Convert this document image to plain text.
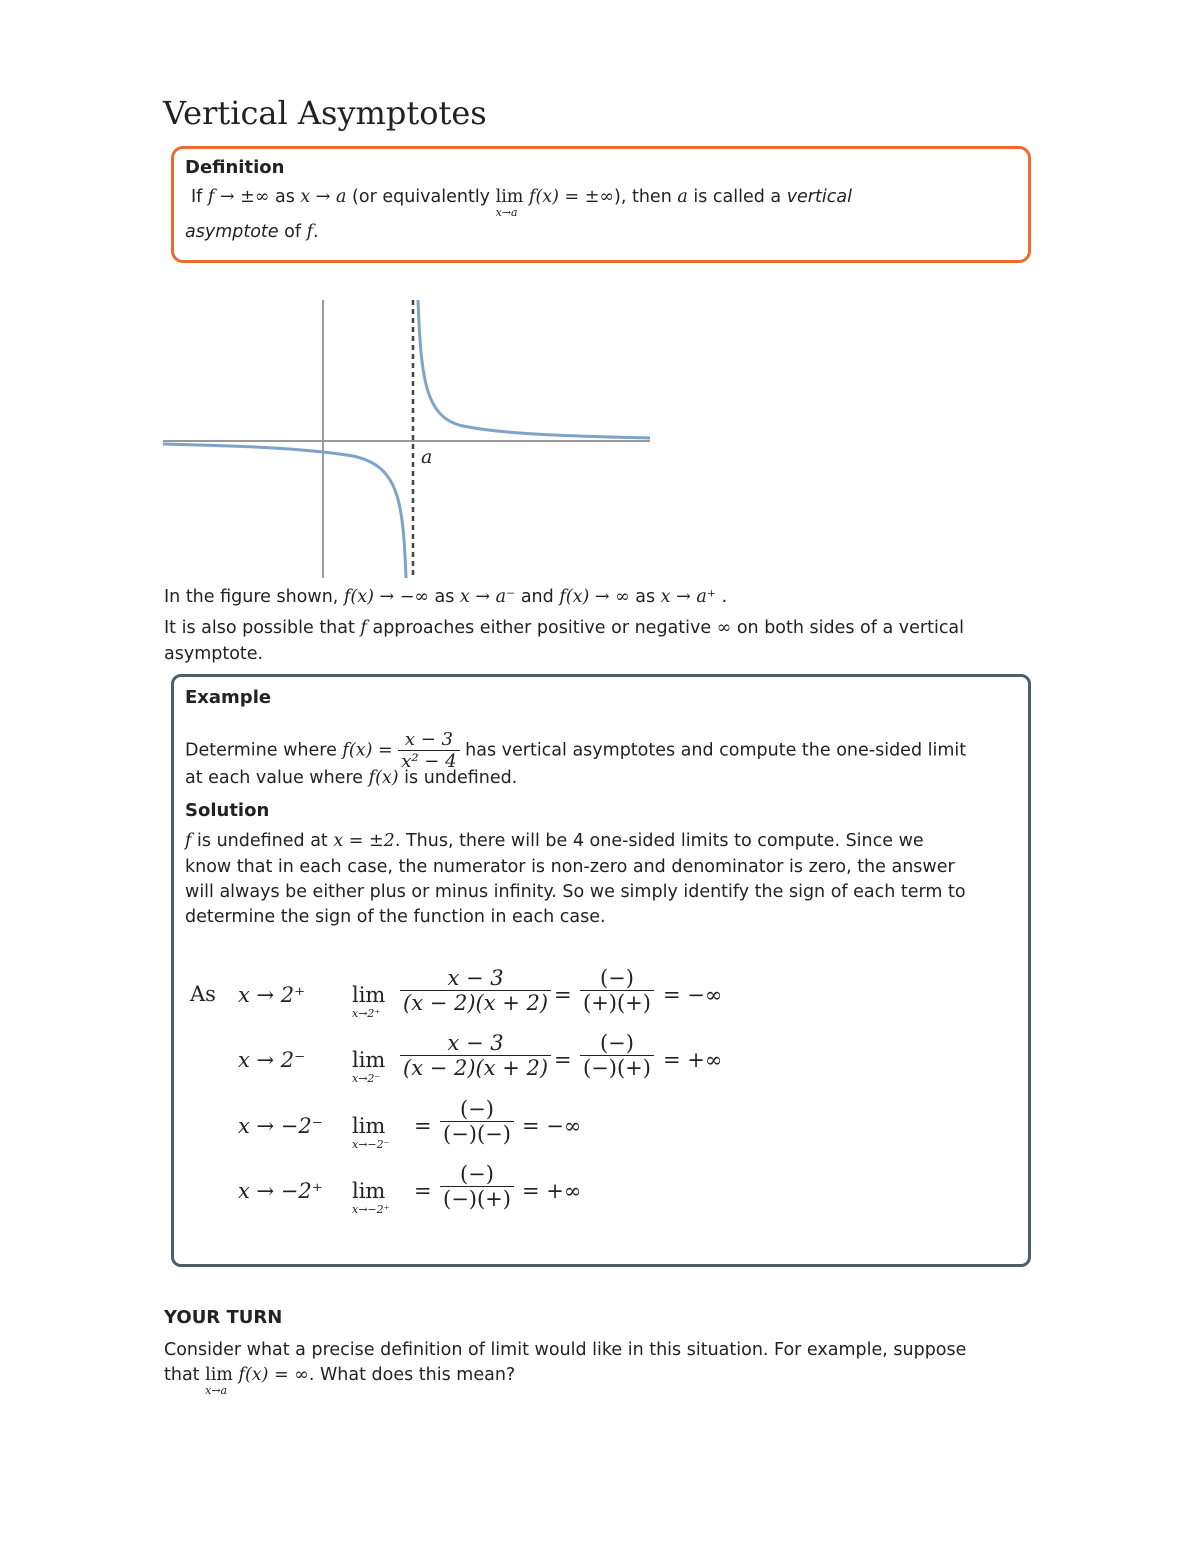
Vertical Asymptotes
Definition
If f → ±∞ as x → a (or equivalently lim
x→a
f(x) = ±∞), then a is called a vertical
asymptote of f.
a
In the figure shown, f(x) → −∞ as x → a⁻ and f(x) → ∞ as x → a⁺ .
It is also possible that f approaches either positive or negative ∞ on both sides of a vertical
asymptote.
Example
Determine where $f(x) = \frac{x - 3}{\text{x² − 4}}$ has vertical asymptotes and compute the one-sided limit
at each value where f(x) is undefined.
Solution
f is undefined at x = ±2. Thus, there will be 4 one-sided limits to compute. Since we
know that in each case, the numerator is non-zero and denominator is zero, the answer
will always be either plus or minus infinity. So we simply identify the sign of each term to
determine the sign of the function in each case.
As x → 2⁺ lim
$x\to 2^+ \frac{x - 3}{(x - 2)(x + 2)} = \frac{(-)}{(+)(+)}$ = −∞
x → 2⁻ lim
$x\to 2^- \frac{x - 3}{(x - 2)(x + 2)} = \frac{(-)}{(-)(+)}$ = +∞
x → −2⁻ lim
x→−2⁻
= $\frac{(-)}{(-)(-)}$ = −∞
x → −2⁺ lim
x→−2⁺
= $\frac{(-)}{(-)(+)}$ = +∞
YOUR TURN
Consider what a precise definition of limit would like in this situation. For example, suppose
that lim
x→a
f(x) = ∞. What does this mean?
